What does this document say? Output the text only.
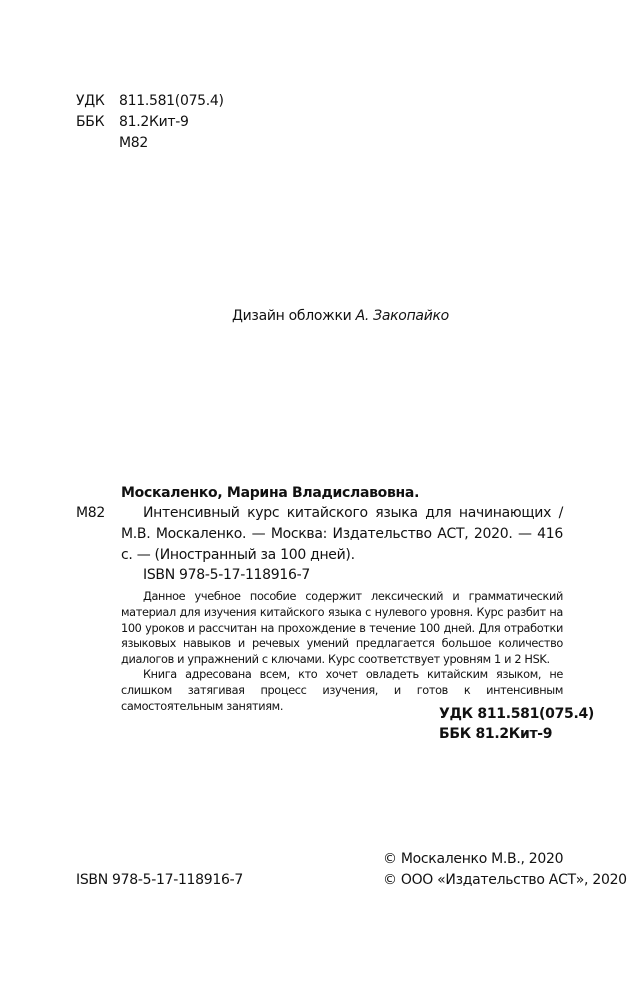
УДК	811.581(075.4)
ББК	81.2Кит-9
М82
Дизайн обложки А. Закопайко
Москаленко, Марина Владиславовна.
М82	Интенсивный курс китайского языка для начинающих / М.В. Москаленко. — Москва: Издательство АСТ, 2020. — 416 с. — (Иностранный за 100 дней).
ISBN 978-5-17-118916-7
Данное учебное пособие содержит лексический и грамматический материал для изучения китайского языка с нулевого уровня. Курс разбит на 100 уроков и рассчитан на прохождение в течение 100 дней. Для отработки языковых навыков и речевых умений предлагается большое количество диалогов и упражнений с ключами. Курс соответствует уровням 1 и 2 HSK.
Книга адресована всем, кто хочет овладеть китайским языком, не слишком затягивая процесс изучения, и готов к интенсивным самостоятельным занятиям.	УДК 811.581(075.4)
ББК 81.2Кит-9
ISBN 978-5-17-118916-7
© Москаленко М.В., 2020
© ООО «Издательство АСТ», 2020
